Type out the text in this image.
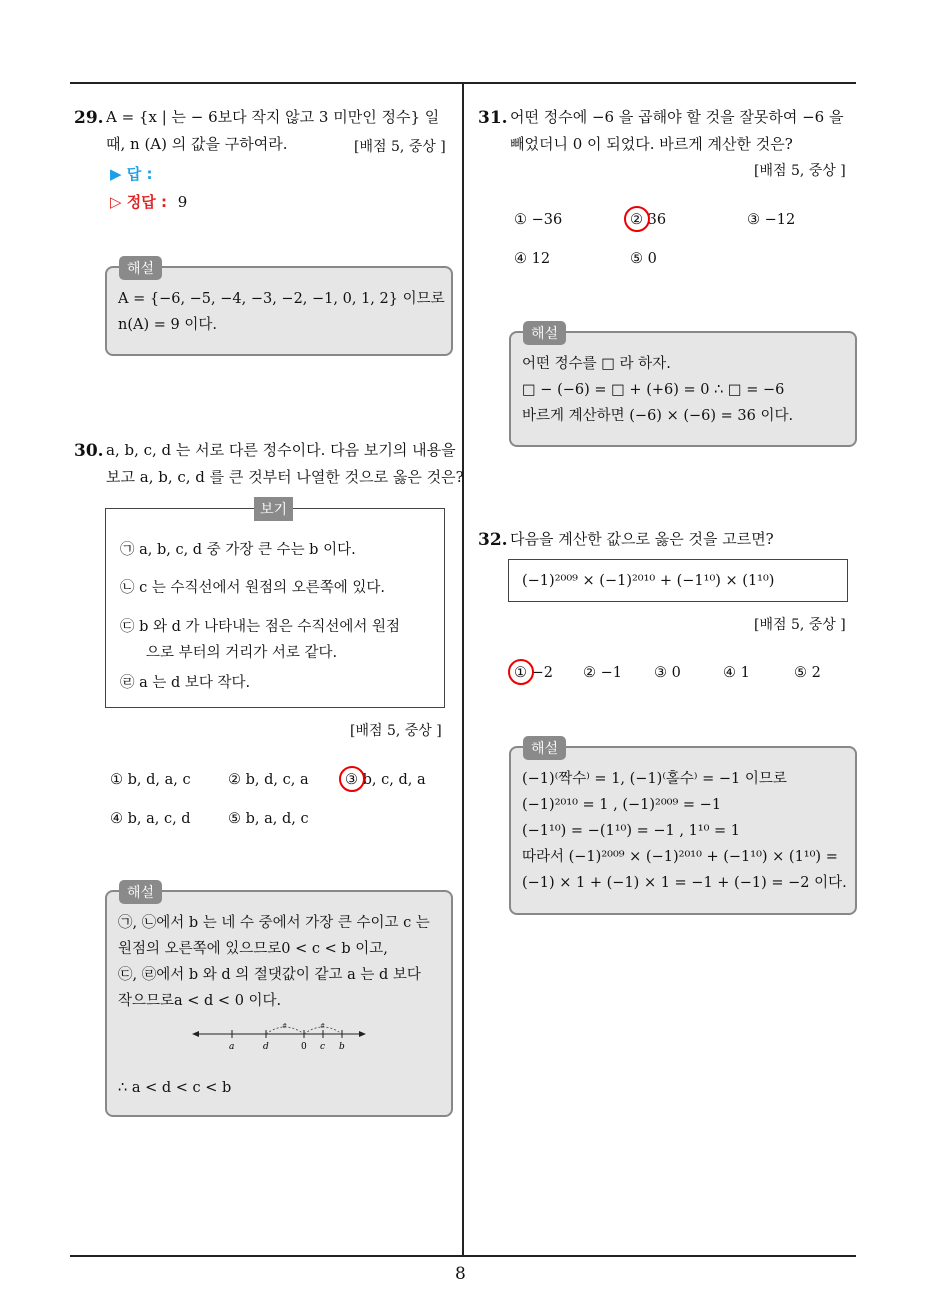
8
29. A = {x | 는 − 6보다 작지 않고 3 미만인 정수} 일
때, n (A) 의 값을 구하여라.	[배점 5, 중상 ]
▶ 답 :
▷ 정답 : 9
해설
A = {−6, −5, −4, −3, −2, −1, 0, 1, 2} 이므로
n(A) = 9 이다.
30. a, b, c, d 는 서로 다른 정수이다. 다음 보기의 내용을
보고 a, b, c, d 를 큰 것부터 나열한 것으로 옳은 것은?
보기
㉠ a, b, c, d 중 가장 큰 수는 b 이다.
㉡ c 는 수직선에서 원점의 오른쪽에 있다.
㉢ b 와 d 가 나타내는 점은 수직선에서 원점
으로 부터의 거리가 서로 같다.
㉣ a 는 d 보다 작다.
[배점 5, 중상 ]
① b, d, a, c	② b, d, c, a	③ b, c, d, a
④ b, a, c, d	⑤ b, a, d, c
해설
㉠, ㉡에서 b 는 네 수 중에서 가장 큰 수이고 c 는
원점의 오른쪽에 있으므로0 < c < b 이고,
㉢, ㉣에서 b 와 d 의 절댓값이 같고 a 는 d 보다
작으므로a < d < 0 이다.
#	#
a	d	0 c b
∴ a < d < c < b
31. 어떤 정수에 −6 을 곱해야 할 것을 잘못하여 −6 을
빼었더니 0 이 되었다. 바르게 계산한 것은?
[배점 5, 중상 ]
① −36	② 36	③ −12
④ 12	⑤ 0
해설
어떤 정수를 □ 라 하자.
□ − (−6) = □ + (+6) = 0 ∴ □ = −6
바르게 계산하면 (−6) × (−6) = 36 이다.
32. 다음을 계산한 값으로 옳은 것을 고르면?
(−1)²⁰⁰⁹ × (−1)²⁰¹⁰ + (−1¹⁰) × (1¹⁰)
[배점 5, 중상 ]
① −2 ② −1 ③ 0	④ 1	⑤ 2
해설
(−1)⁽짝수⁾ = 1, (−1)⁽홀수⁾ = −1 이므로
(−1)²⁰¹⁰ = 1 , (−1)²⁰⁰⁹ = −1
(−1¹⁰) = −(1¹⁰) = −1 , 1¹⁰ = 1
따라서 (−1)²⁰⁰⁹ × (−1)²⁰¹⁰ + (−1¹⁰) × (1¹⁰) =
(−1) × 1 + (−1) × 1 = −1 + (−1) = −2 이다.
